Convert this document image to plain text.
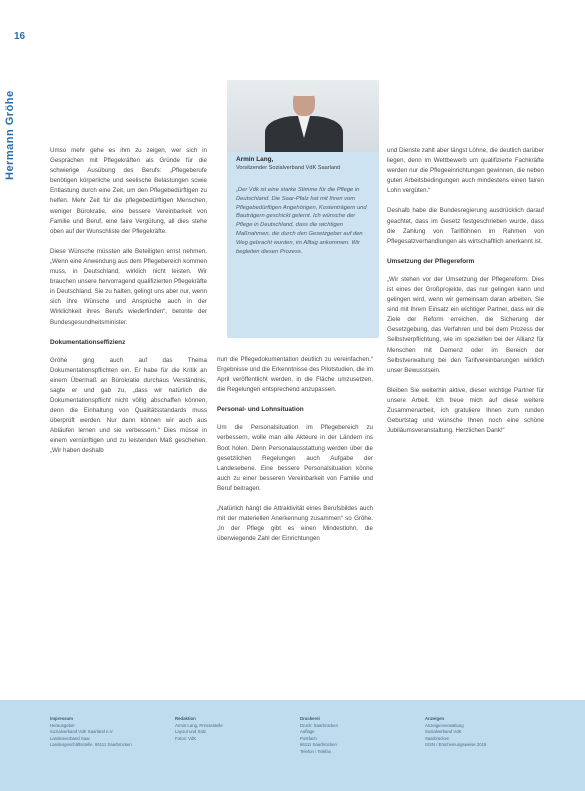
16
Hermann Gröhe	Armin Lang,
Vorsitzender Sozialverband VdK Saarland
„Der Vdk ist eine starke Stimme für die Pflege in Deutschland. Die Saar-Pfalz hat mit Ihren vom Pflegebedürftigen Angehörigen, Kostenträgern und Bauträgern geschickt gelernt. Ich wünsche der Pflege in Deutschland, dass die wichtigen Maßnahmen, die durch den Gesetzgeber auf den Weg gebracht wurden, im Alltag ankommen. Wir begleiten diesen Prozess.

Umso mehr gehe es ihm zu zeigen, wer sich in Gesprächen mit Pflegekräften als Gründe für die schwierige Ausübung des Berufs: „Pflegeberufe benötigen körperliche und seelische Belastungen sowie Entlastung durch eine Zeit, um den Pflegebedürftigen zu helfen. Mehr Zeit für die pflegebedürftigen Menschen, weniger Bürokratie, eine bessere Vereinbarkeit von Familie und Beruf, eine faire Vergütung, all dies stehe oben auf der Wunschliste der Pflegekräfte.

Diese Wünsche müssten alle Beteiligten ernst nehmen. „Wenn eine Anwendung aus dem Pflegebereich kommen muss, in Deutschland, wirklich nicht leisten. Wir brauchen unsere hervorragend qualifizierten Pflegekräfte in Deutschland. Sie zu halten, gelingt uns aber nur, wenn sich ihre Wünsche und Ansprüche auch in der Wirklichkeit ihres Berufs wiederfinden“, betonte der Bundesgesundheitsminister.

Dokumentationseffizienz

Gröhe ging auch auf das Thema Dokumentationspflichten ein. Er habe für die Kritik an einem Übermaß an Bürokratie durchaus Verständnis, sagte er und gab zu, „dass wir natürlich die Dokumentationspflicht nicht völlig abschaffen können, denn die Einhaltung von Qualitätsstandards muss überprüft werden. Nur dann können wir auch aus Abläufen lernen und sie verbessern.“ Dies müsse in einem vernünftigen und zu leistenden Maß geschehen. „Wir haben deshalb

nun die Pflegedokumentation deutlich zu vereinfachen.“ Ergebnisse und die Erkenntnisse des Pilotstudien, die im April veröffentlicht werden, in die Fläche umzusetzen, die Regelungen entsprechend anzupassen.

Personal- und Lohnsituation

Um die Personalsituation im Pflegebereich zu verbessern, wolle man alle Akteure in der Ländern ins Boot holen. Denn Personalausstattung werden über die gesetzlichen Regelungen auch Aufgabe der Landesebene. Eine bessere Personalsituation könne auch zu einer besseren Vereinbarkeit von Familie und Beruf beitragen.

„Natürlich hängt die Attraktivität eines Berufsbildes auch mit der materiellen Anerkennung zusammen“ so Gröhe. „In der Pflege gibt es einen Mindestlohn, die überwiegende Zahl der Einrichtungen

und Dienste zahlt aber längst Löhne, die deutlich darüber liegen, denn im Wettbewerb um qualifizierte Fachkräfte werden nur die Pflegeeinrichtungen gewinnen, die neben guten Arbeitsbedingungen auch mindestens einen fairen Lohn vergüten.“

Deshalb habe die Bundesregierung ausdrücklich darauf geachtet, dass im Gesetz festgeschrieben wurde, dass die Zahlung von Tariflöhnen im Rahmen von Pflegesatzverhandlungen als wirtschaftlich anerkannt ist.

Umsetzung der Pflegereform

„Wir stehen vor der Umsetzung der Pflegereform. Dies ist eines der Großprojekte, das nur gelingen kann und gelingen wird, wenn wir gemeinsam daran arbeiten. Sie sind mit Ihrem Einsatz ein wichtiger Partner, dass wir die Ziele der Reform erreichen, die Sicherung der Gesetzgebung, das Verfahren und bei dem Prozess der Selbstverpflichtung, wie im speziellen bei der Allianz für Menschen mit Demenz oder im Bereich der Selbstverwaltung bei den Tarifvereinbarungen wirklich unser Bewusstsein.

Bleiben Sie weiterhin aktive, dieser wichtige Partner für unsere Arbeit. Ich freue mich auf diese weitere Zusammenarbeit, ich gratuliere Ihnen zum runden Geburtstag und wünsche Ihnen noch eine schöne Jubiläumsveranstaltung. Herzlichen Dank!“

Impressum
Herausgeber
Sozialverband VdK Saarland e.V.
Landesverband Saar
Landesgeschäftsstelle, 66111 Saarbrücken
Redaktion
Armin Lang, Pressestelle
Layout und Satz
Fotos: VdK
Druckerei
Druck: Saarbrücken
Auflage
Postfach
66111 Saarbrücken
Telefon / Telefax
Anzeigen
Anzeigenverwaltung
Sozialverband VdK
Saarbrücken
ISSN / Erscheinungsweise 2015
